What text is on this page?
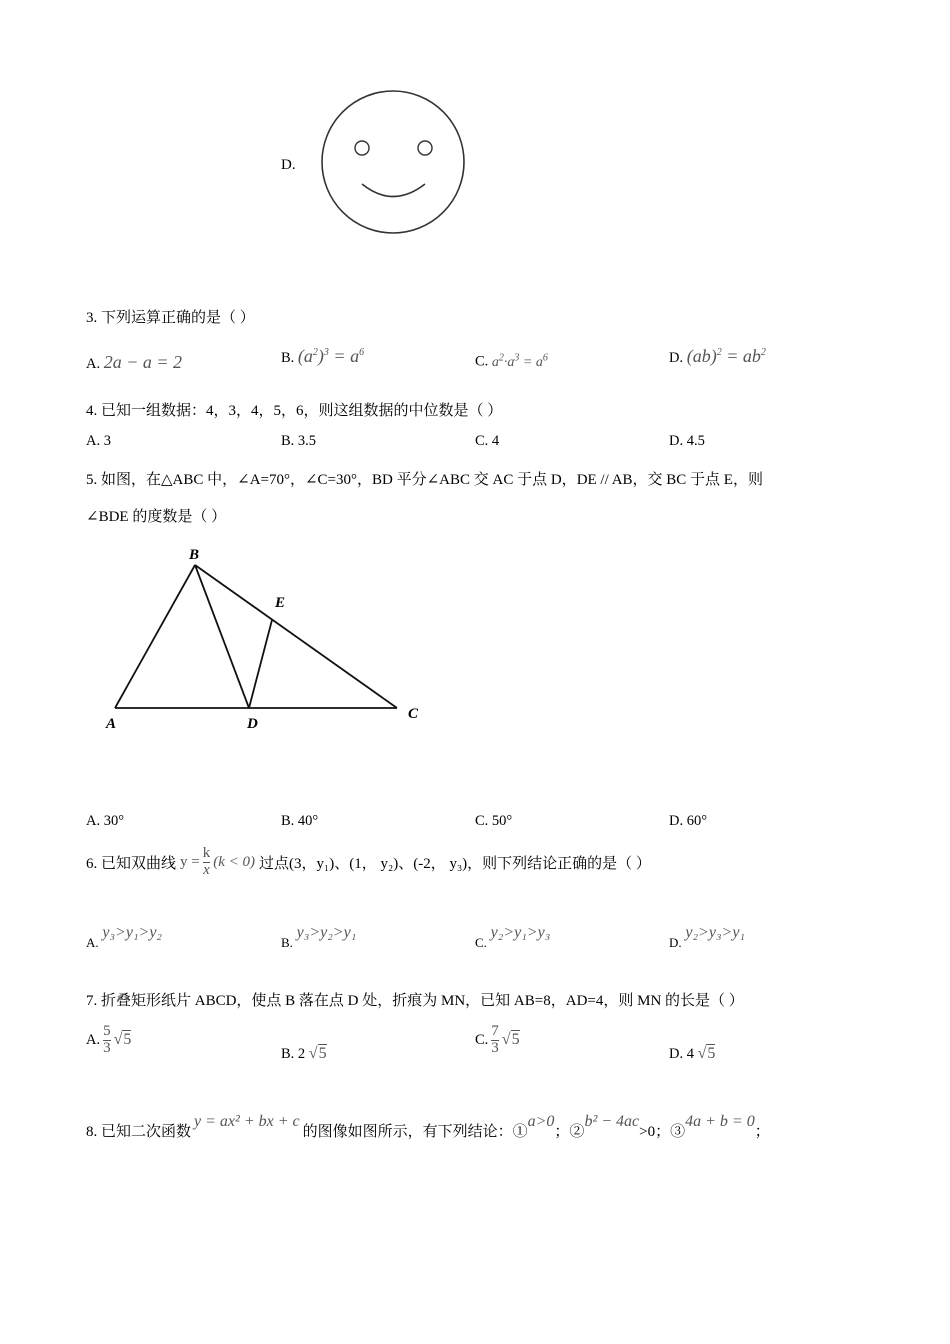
D.
3. 下列运算正确的是（ ）
A. 2a − a = 2	B. $(a^2)^3 = a^6$
C. $a^2\cdot a^3 = a^6$	D. $(ab)^2 = ab^2$
4. 已知一组数据：4，3，4，5，6，则这组数据的中位数是（ ）
A. 3	B. 3.5	C. 4	D. 4.5
5. 如图，在△ABC 中，∠A=70°，∠C=30°，BD 平分∠ABC 交 AC 于点 D，DE // AB，交 BC 于点 E，则
∠BDE 的度数是（ ）
B
E
A	D
C
A. 30°	B. 40°	C. 50°	D. 60°
6. 已知双曲线 $y = \frac{k}{x} (k < 0)$ 过点(3，y₁)、(1， y₂)、(-2， y₃)，则下列结论正确的是（ ）
A. y₃>y₁>y₂
B. y₃>y₂>y₁
C. y₂>y₁>y₃
D. y₂>y₃>y₁
7. 折叠矩形纸片 ABCD，使点 B 落在点 D 处，折痕为 MN，已知 AB=8，AD=4，则 MN 的长是（ ）
A. $\frac{5}{3} √5$
B. 2 √5
C. $\frac{7}{3} √5$
D. 4 √5
8. 已知二次函数
y = ax² + bx + c
的图像如图所示，有下列结论：①
a>0
；②
b² − 4ac
>0；③
4a + b = 0
；
